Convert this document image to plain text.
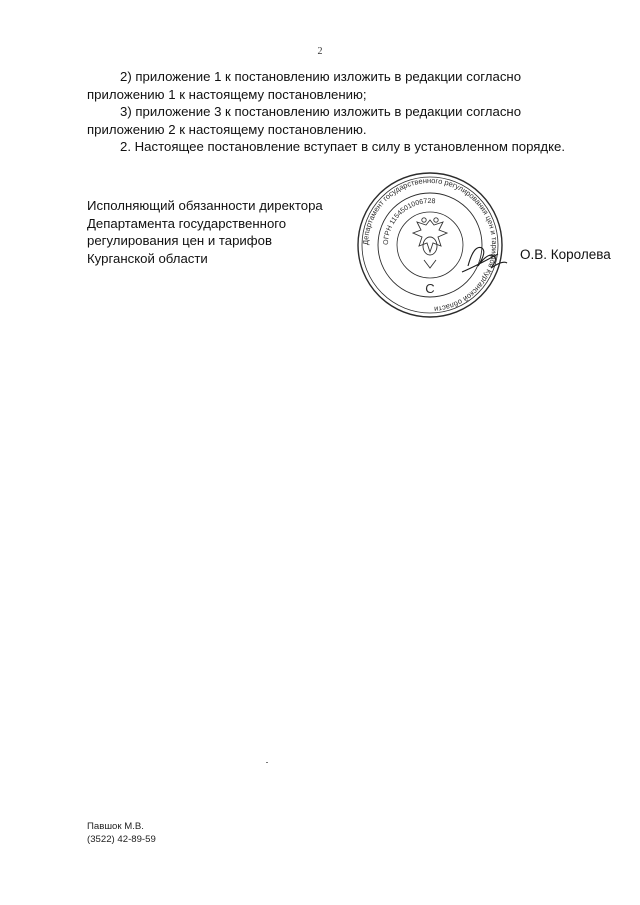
2

2) приложение 1 к постановлению изложить в редакции согласно

приложению 1 к настоящему постановлению;

3) приложение 3 к постановлению изложить в редакции согласно

приложению 2 к настоящему постановлению.

2. Настоящее постановление вступает в силу в установленном порядке.

Исполняющий обязанности директора
Департамента государственного
регулирования цен и тарифов
Курганской области
Департамент государственного регулирования цен и тарифов Курганской области
ОГРН 1154501006728
С
О.В. Королева
Павшок М.В.
(3522) 42-89-59
